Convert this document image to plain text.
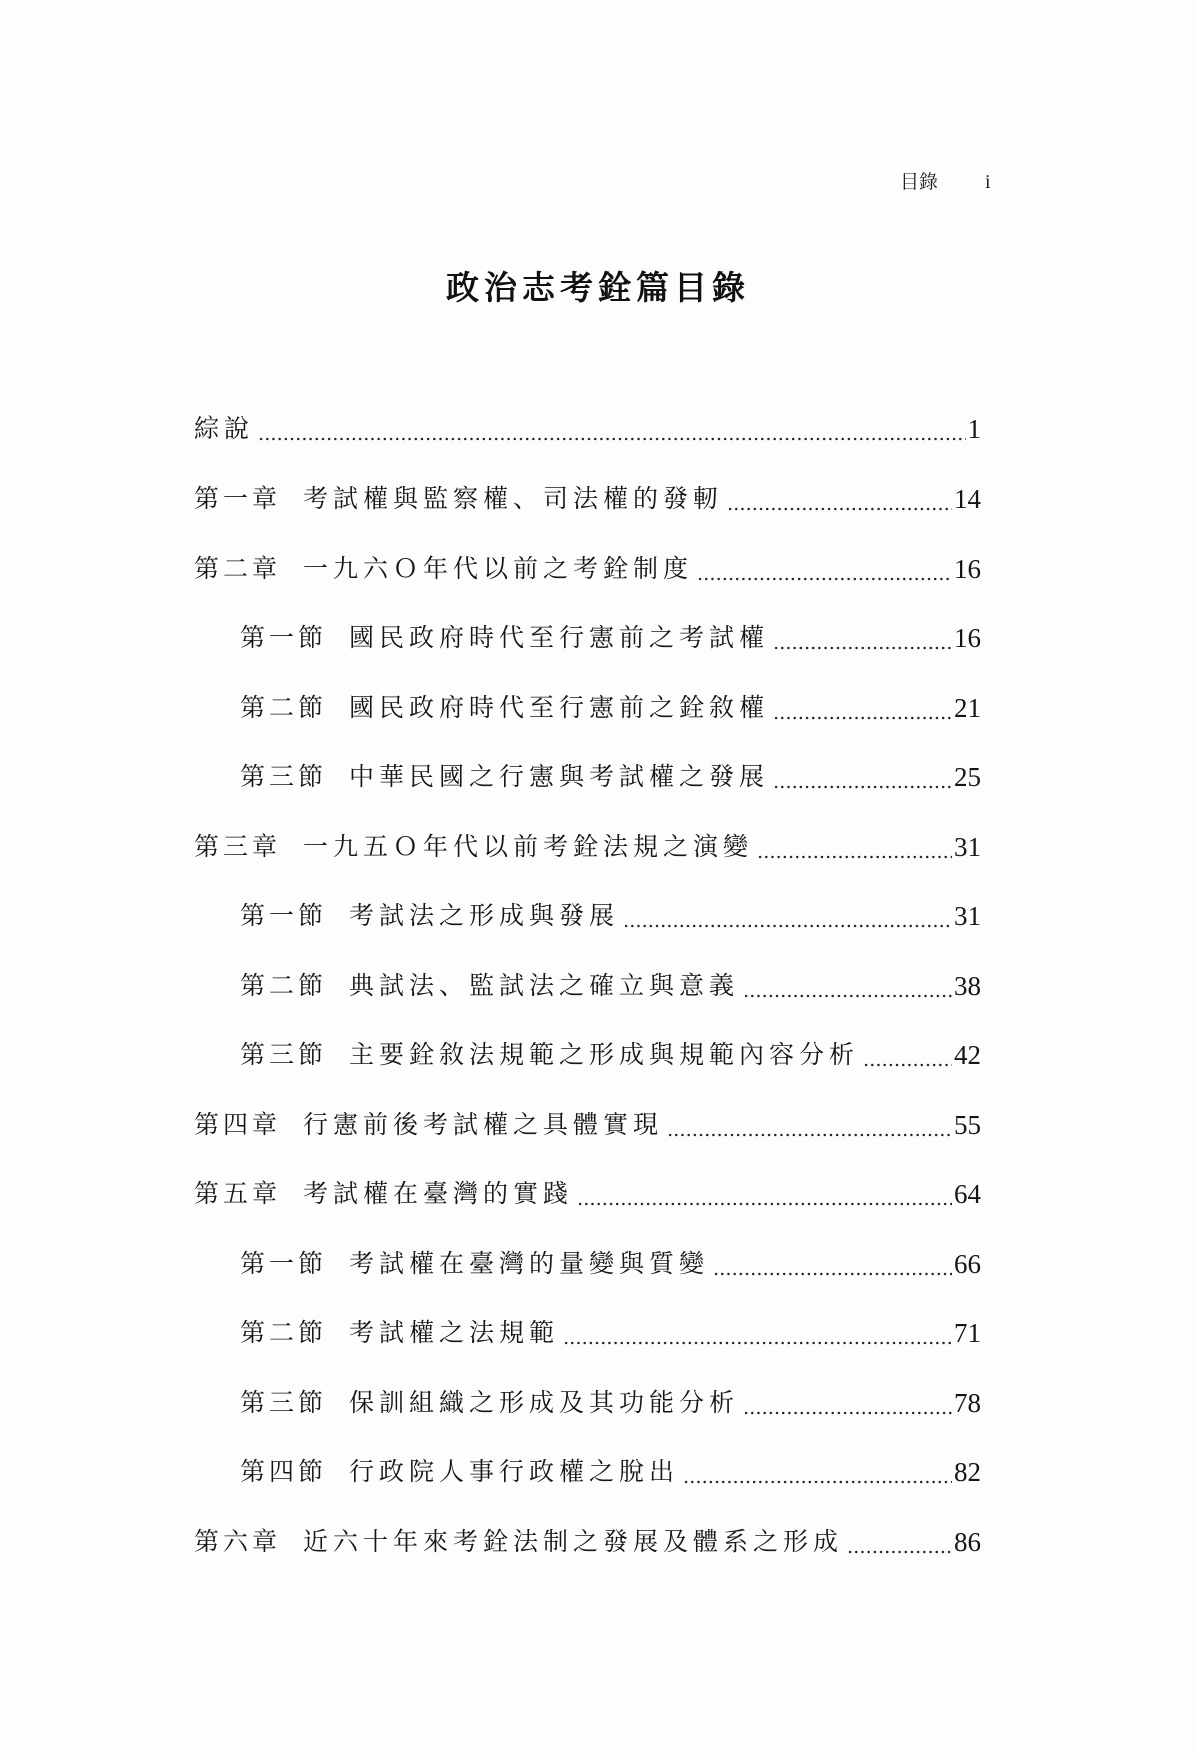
目錄 i
政治志考銓篇目錄
綜說	1
第一章 考試權與監察權、司法權的發軔	14
第二章 一九六Ｏ年代以前之考銓制度	16
第一節 國民政府時代至行憲前之考試權	16
第二節 國民政府時代至行憲前之銓敘權	21
第三節 中華民國之行憲與考試權之發展	25
第三章 一九五Ｏ年代以前考銓法規之演變	31
第一節 考試法之形成與發展	31
第二節 典試法、監試法之確立與意義	38
第三節 主要銓敘法規範之形成與規範內容分析	42
第四章 行憲前後考試權之具體實現	55
第五章 考試權在臺灣的實踐	64
第一節 考試權在臺灣的量變與質變	66
第二節 考試權之法規範	71
第三節 保訓組織之形成及其功能分析	78
第四節 行政院人事行政權之脫出	82
第六章 近六十年來考銓法制之發展及體系之形成	86
